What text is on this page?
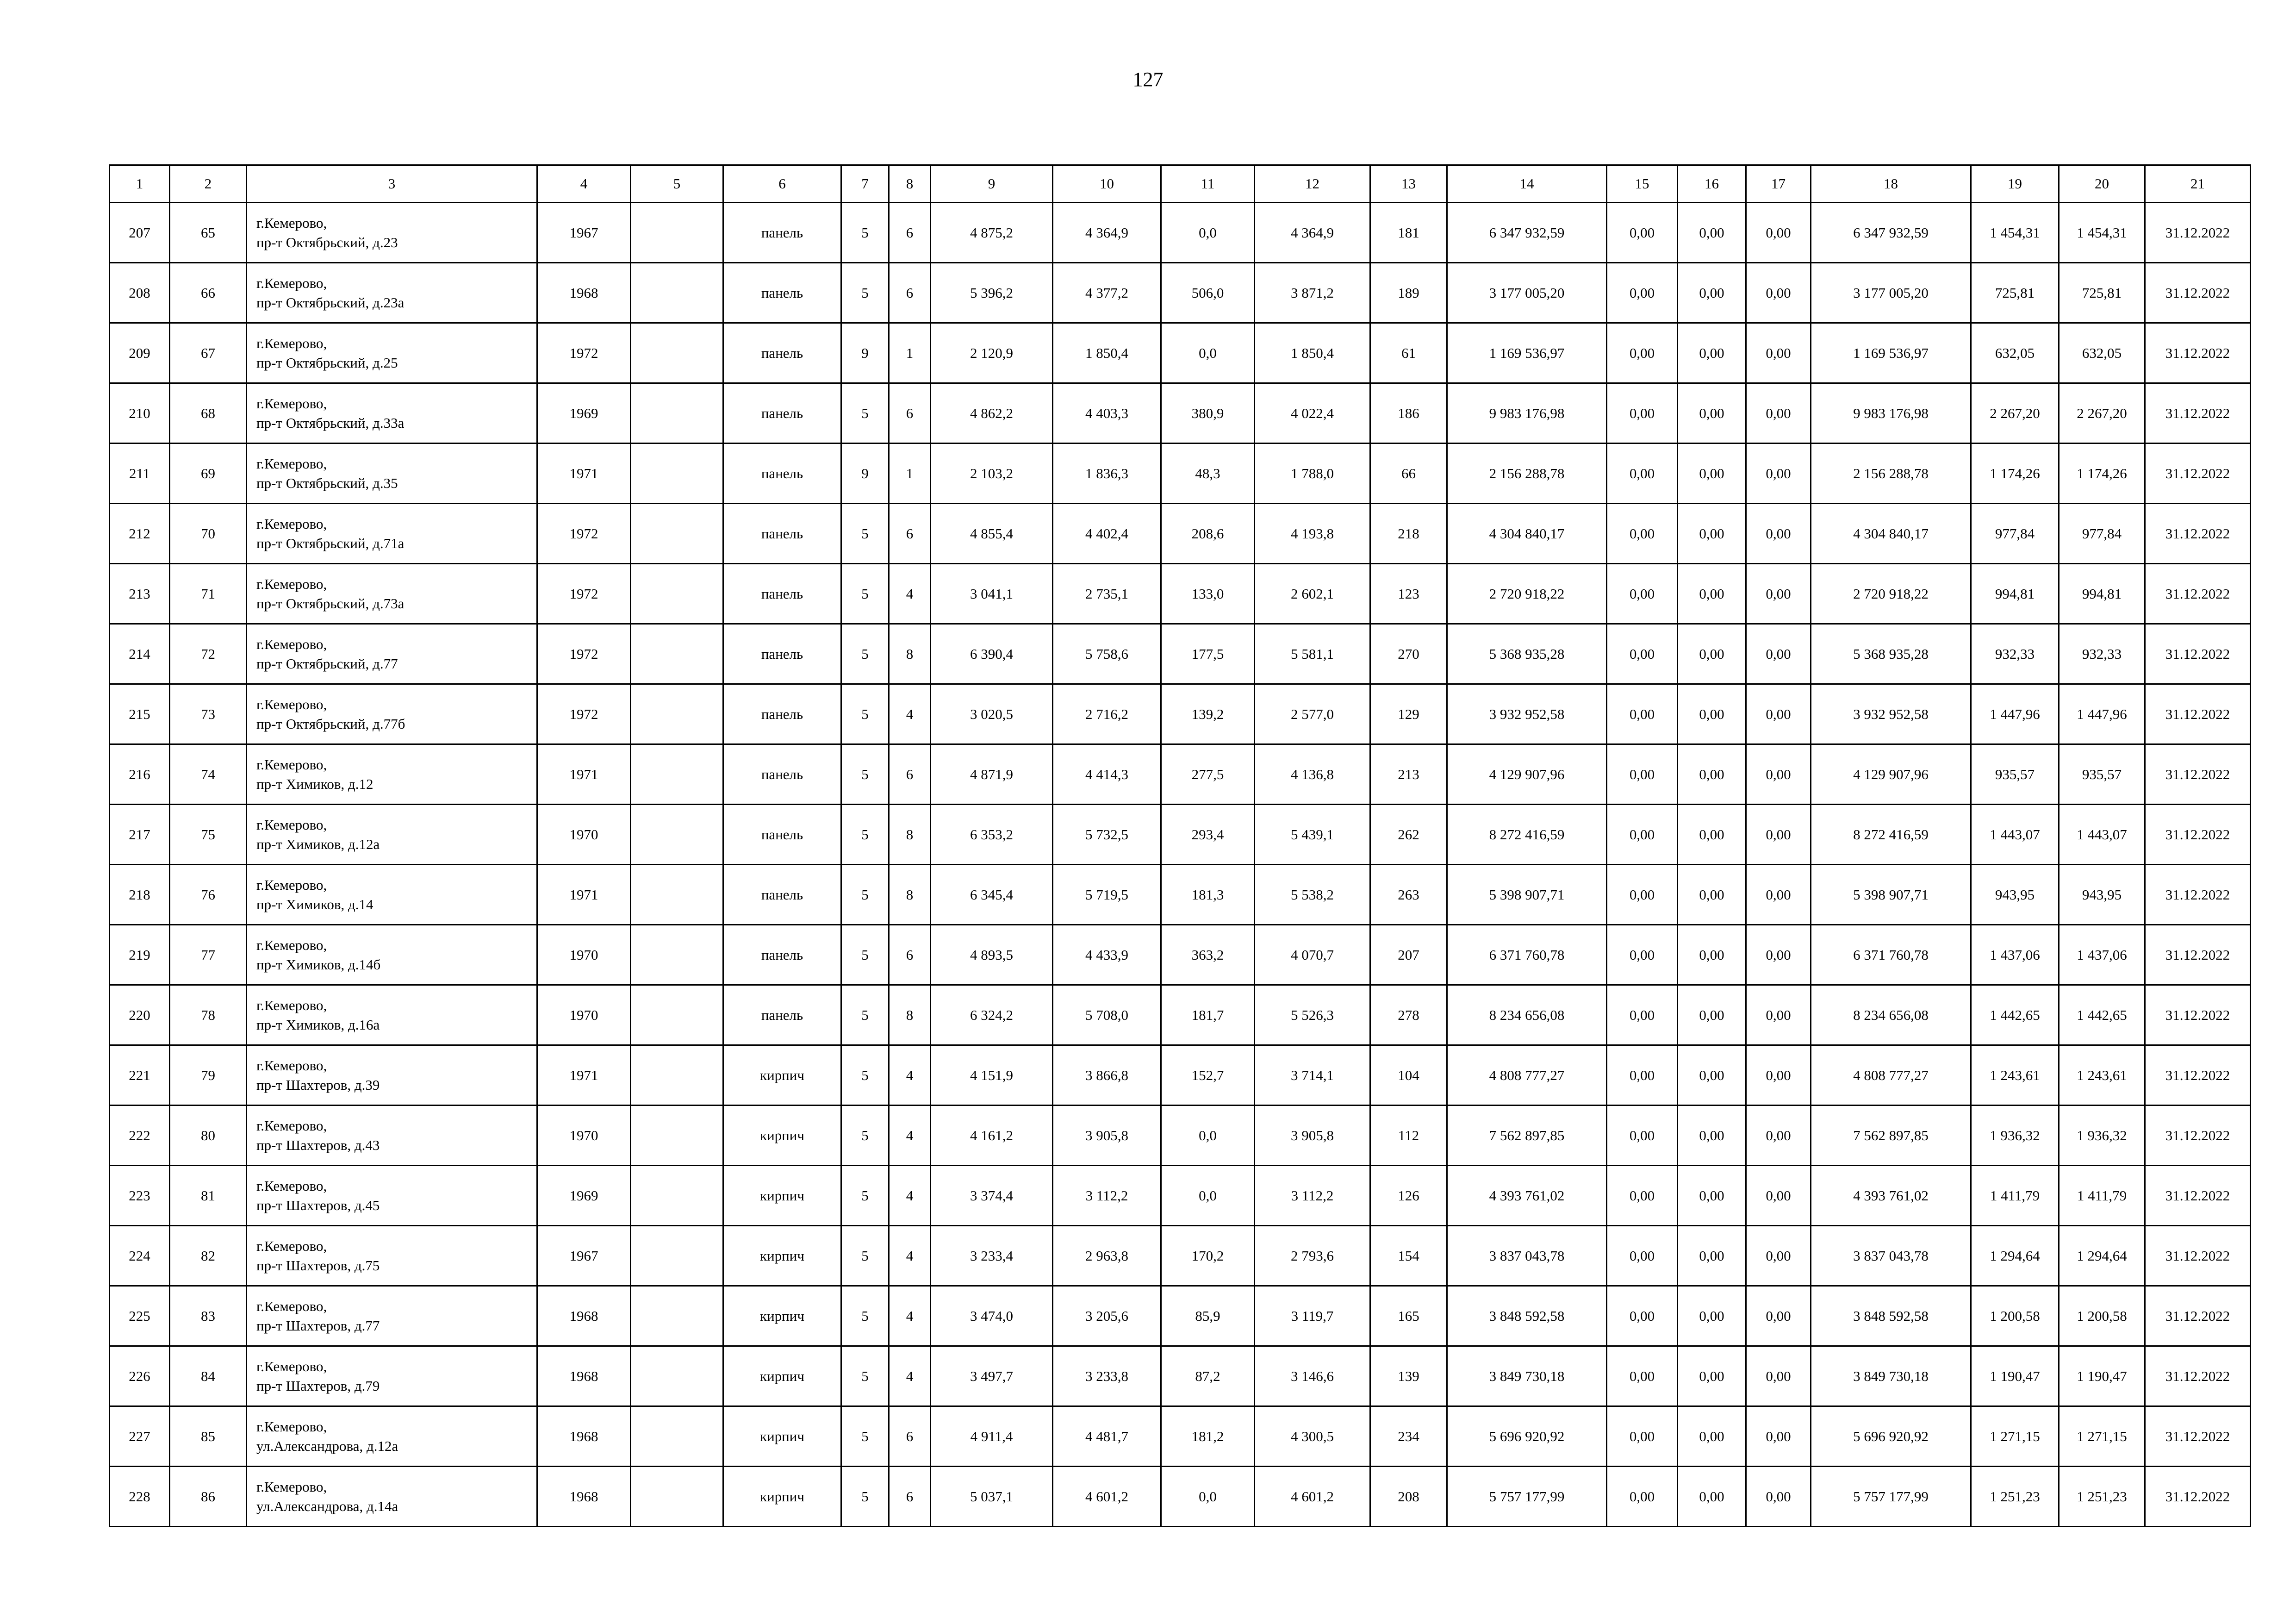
127
1	2	3	4	5	6	7	8	9	10	11	12	13	14	15	16	17	18	19	20	21
207	65	г.Кемерово,
пр-т Октябрьский, д.23	1967		панель	5	6	4 875,2	4 364,9	0,0	4 364,9	181	6 347 932,59	0,00	0,00	0,00	6 347 932,59	1 454,31	1 454,31	31.12.2022
208	66	г.Кемерово,
пр-т Октябрьский, д.23а	1968		панель	5	6	5 396,2	4 377,2	506,0	3 871,2	189	3 177 005,20	0,00	0,00	0,00	3 177 005,20	725,81	725,81	31.12.2022
209	67	г.Кемерово,
пр-т Октябрьский, д.25	1972		панель	9	1	2 120,9	1 850,4	0,0	1 850,4	61	1 169 536,97	0,00	0,00	0,00	1 169 536,97	632,05	632,05	31.12.2022
210	68	г.Кемерово,
пр-т Октябрьский, д.33а	1969		панель	5	6	4 862,2	4 403,3	380,9	4 022,4	186	9 983 176,98	0,00	0,00	0,00	9 983 176,98	2 267,20	2 267,20	31.12.2022
211	69	г.Кемерово,
пр-т Октябрьский, д.35	1971		панель	9	1	2 103,2	1 836,3	48,3	1 788,0	66	2 156 288,78	0,00	0,00	0,00	2 156 288,78	1 174,26	1 174,26	31.12.2022
212	70	г.Кемерово,
пр-т Октябрьский, д.71а	1972		панель	5	6	4 855,4	4 402,4	208,6	4 193,8	218	4 304 840,17	0,00	0,00	0,00	4 304 840,17	977,84	977,84	31.12.2022
213	71	г.Кемерово,
пр-т Октябрьский, д.73а	1972		панель	5	4	3 041,1	2 735,1	133,0	2 602,1	123	2 720 918,22	0,00	0,00	0,00	2 720 918,22	994,81	994,81	31.12.2022
214	72	г.Кемерово,
пр-т Октябрьский, д.77	1972		панель	5	8	6 390,4	5 758,6	177,5	5 581,1	270	5 368 935,28	0,00	0,00	0,00	5 368 935,28	932,33	932,33	31.12.2022
215	73	г.Кемерово,
пр-т Октябрьский, д.77б	1972		панель	5	4	3 020,5	2 716,2	139,2	2 577,0	129	3 932 952,58	0,00	0,00	0,00	3 932 952,58	1 447,96	1 447,96	31.12.2022
216	74	г.Кемерово,
пр-т Химиков, д.12	1971		панель	5	6	4 871,9	4 414,3	277,5	4 136,8	213	4 129 907,96	0,00	0,00	0,00	4 129 907,96	935,57	935,57	31.12.2022
217	75	г.Кемерово,
пр-т Химиков, д.12а	1970		панель	5	8	6 353,2	5 732,5	293,4	5 439,1	262	8 272 416,59	0,00	0,00	0,00	8 272 416,59	1 443,07	1 443,07	31.12.2022
218	76	г.Кемерово,
пр-т Химиков, д.14	1971		панель	5	8	6 345,4	5 719,5	181,3	5 538,2	263	5 398 907,71	0,00	0,00	0,00	5 398 907,71	943,95	943,95	31.12.2022
219	77	г.Кемерово,
пр-т Химиков, д.14б	1970		панель	5	6	4 893,5	4 433,9	363,2	4 070,7	207	6 371 760,78	0,00	0,00	0,00	6 371 760,78	1 437,06	1 437,06	31.12.2022
220	78	г.Кемерово,
пр-т Химиков, д.16а	1970		панель	5	8	6 324,2	5 708,0	181,7	5 526,3	278	8 234 656,08	0,00	0,00	0,00	8 234 656,08	1 442,65	1 442,65	31.12.2022
221	79	г.Кемерово,
пр-т Шахтеров, д.39	1971		кирпич	5	4	4 151,9	3 866,8	152,7	3 714,1	104	4 808 777,27	0,00	0,00	0,00	4 808 777,27	1 243,61	1 243,61	31.12.2022
222	80	г.Кемерово,
пр-т Шахтеров, д.43	1970		кирпич	5	4	4 161,2	3 905,8	0,0	3 905,8	112	7 562 897,85	0,00	0,00	0,00	7 562 897,85	1 936,32	1 936,32	31.12.2022
223	81	г.Кемерово,
пр-т Шахтеров, д.45	1969		кирпич	5	4	3 374,4	3 112,2	0,0	3 112,2	126	4 393 761,02	0,00	0,00	0,00	4 393 761,02	1 411,79	1 411,79	31.12.2022
224	82	г.Кемерово,
пр-т Шахтеров, д.75	1967		кирпич	5	4	3 233,4	2 963,8	170,2	2 793,6	154	3 837 043,78	0,00	0,00	0,00	3 837 043,78	1 294,64	1 294,64	31.12.2022
225	83	г.Кемерово,
пр-т Шахтеров, д.77	1968		кирпич	5	4	3 474,0	3 205,6	85,9	3 119,7	165	3 848 592,58	0,00	0,00	0,00	3 848 592,58	1 200,58	1 200,58	31.12.2022
226	84	г.Кемерово,
пр-т Шахтеров, д.79	1968		кирпич	5	4	3 497,7	3 233,8	87,2	3 146,6	139	3 849 730,18	0,00	0,00	0,00	3 849 730,18	1 190,47	1 190,47	31.12.2022
227	85	г.Кемерово,
ул.Александрова, д.12а	1968		кирпич	5	6	4 911,4	4 481,7	181,2	4 300,5	234	5 696 920,92	0,00	0,00	0,00	5 696 920,92	1 271,15	1 271,15	31.12.2022
228	86	г.Кемерово,
ул.Александрова, д.14а	1968		кирпич	5	6	5 037,1	4 601,2	0,0	4 601,2	208	5 757 177,99	0,00	0,00	0,00	5 757 177,99	1 251,23	1 251,23	31.12.2022
